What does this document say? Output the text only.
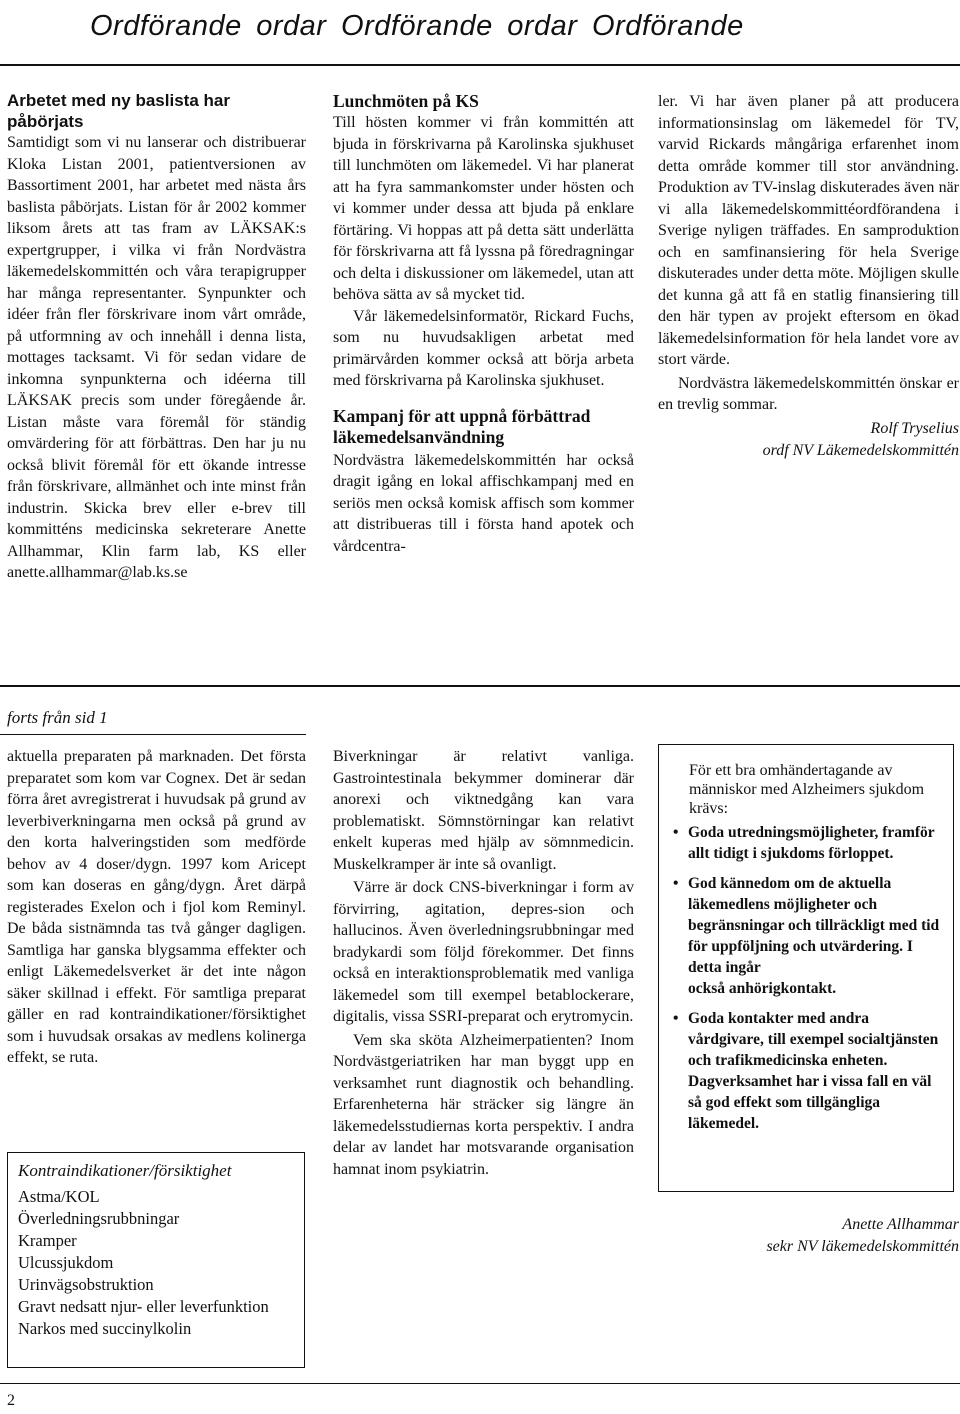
Ordförande ordar Ordförande ordar Ordförande
Arbetet med ny baslista har påbörjats

Samtidigt som vi nu lanserar och distribuerar Kloka Listan 2001, patientversionen av Bassortiment 2001, har arbetet med nästa års baslista påbörjats. Listan för år 2002 kommer liksom årets att tas fram av LÄKSAK:s expertgrupper, i vilka vi från Nordvästra läkemedelskommittén och våra terapigrupper har många representanter. Synpunkter och idéer från fler förskrivare inom vårt område, på utformning av och innehåll i denna lista, mottages tacksamt. Vi för sedan vidare de inkomna synpunkterna och idéerna till LÄKSAK precis som under föregående år. Listan måste vara föremål för ständig omvärdering för att förbättras. Den har ju nu också blivit föremål för ett ökande intresse från förskrivare, allmänhet och inte minst från industrin. Skicka brev eller e-brev till kommitténs medicinska sekreterare Anette Allhammar, Klin farm lab, KS eller anette.allhammar@lab.ks.se

Lunchmöten på KS

Till hösten kommer vi från kommittén att bjuda in förskrivarna på Karolinska sjukhuset till lunchmöten om läkemedel. Vi har planerat att ha fyra sammankomster under hösten och vi kommer under dessa att bjuda på enklare förtäring. Vi hoppas att på detta sätt underlätta för förskrivarna att få lyssna på föredragningar och delta i diskussioner om läkemedel, utan att behöva sätta av så mycket tid.

Vår läkemedelsinformatör, Rickard Fuchs, som nu huvudsakligen arbetat med primärvården kommer också att börja arbeta med förskrivarna på Karolinska sjukhuset.

Kampanj för att uppnå förbättrad läkemedelsanvändning

Nordvästra läkemedelskommittén har också dragit igång en lokal affischkampanj med en seriös men också komisk affisch som kommer att distribueras till i första hand apotek och vårdcentra-

ler. Vi har även planer på att producera informationsinslag om läkemedel för TV, varvid Rickards mångåriga erfarenhet inom detta område kommer till stor användning. Produktion av TV-inslag diskuterades även när vi alla läkemedelskommittéordförandena i Sverige nyligen träffades. En samproduktion och en samfinansiering för hela Sverige diskuterades under detta möte. Möjligen skulle det kunna gå att få en statlig finansiering till den här typen av projekt eftersom en ökad läkemedelsinformation för hela landet vore av stort värde.

Nordvästra läkemedelskommittén önskar er en trevlig sommar.

Rolf Tryselius
ordf NV Läkemedelskommittén
forts från sid 1

aktuella preparaten på marknaden. Det första preparatet som kom var Cognex. Det är sedan förra året avregistrerat i huvudsak på grund av leverbiverkningarna men också på grund av den korta halveringstiden som medförde behov av 4 doser/dygn. 1997 kom Aricept som kan doseras en gång/dygn. Året därpå registerades Exelon och i fjol kom Reminyl. De båda sistnämnda tas två gånger dagligen. Samtliga har ganska blygsamma effekter och enligt Läkemedelsverket är det inte någon säker skillnad i effekt. För samtliga preparat gäller en rad kontraindikationer/försiktighet som i huvudsak orsakas av medlens kolinerga effekt, se ruta.

Kontraindikationer/försiktighet
Astma/KOL
Överledningsrubbningar
Kramper
Ulcussjukdom
Urinvägsobstruktion
Gravt nedsatt njur- eller leverfunktion
Narkos med succinylkolin

Biverkningar är relativt vanliga. Gastrointestinala bekymmer dominerar där anorexi och viktnedgång kan vara problematiskt. Sömnstörningar kan relativt enkelt kuperas med hjälp av sömnmedicin. Muskelkramper är inte så ovanligt.

Värre är dock CNS-biverkningar i form av förvirring, agitation, depres-sion och hallucinos. Även överledningsrubbningar med bradykardi som följd förekommer. Det finns också en interaktionsproblematik med vanliga läkemedel som till exempel betablockerare, digitalis, vissa SSRI-preparat och erytromycin.

Vem ska sköta Alzheimerpatienten? Inom Nordvästgeriatriken har man byggt upp en verksamhet runt diagnostik och behandling. Erfarenheterna här sträcker sig längre än läkemedelsstudiernas korta perspektiv. I andra delar av landet har motsvarande organisation hamnat inom psykiatrin.

För ett bra omhändertagande av människor med Alzheimers sjukdom krävs:

• Goda utredningsmöjligheter, framför allt tidigt i sjukdoms förloppet.
• God kännedom om de aktuella läkemedlens möjligheter och begränsningar och tillräckligt med tid för uppföljning och utvärdering. I detta ingår
också anhörigkontakt.
• Goda kontakter med andra vårdgivare, till exempel socialtjänsten och trafikmedicinska enheten. Dagverksamhet har i vissa fall en väl så god effekt som tillgängliga läkemedel.
Anette Allhammar
sekr NV läkemedelskommittén
2
